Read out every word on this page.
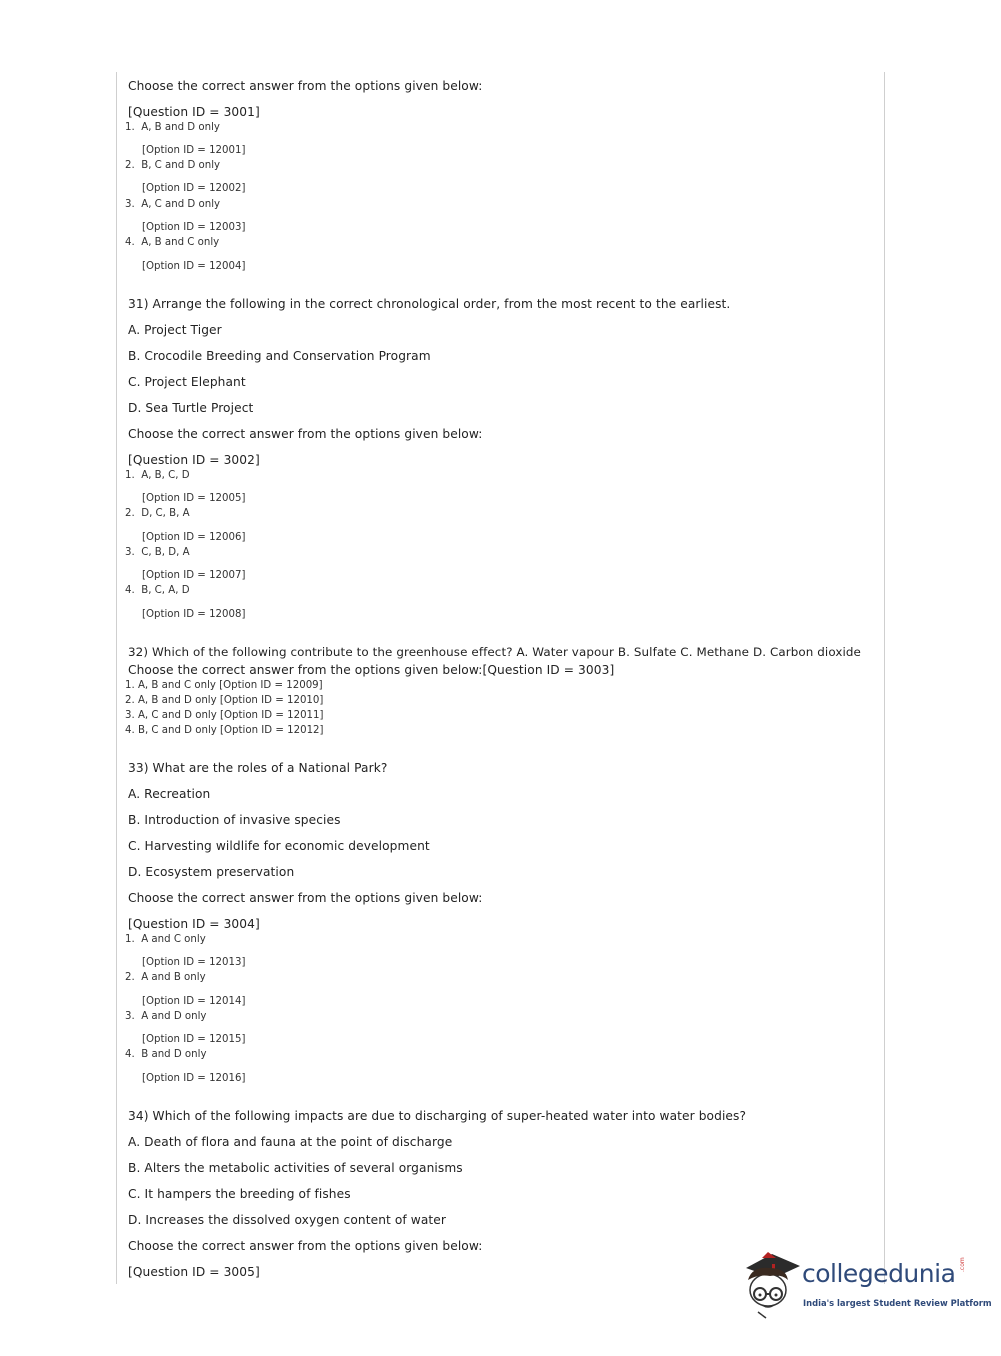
Choose the correct answer from the options given below:
[Question ID = 3001]
1. A, B and D only
[Option ID = 12001]
2. B, C and D only
[Option ID = 12002]
3. A, C and D only
[Option ID = 12003]
4. A, B and C only
[Option ID = 12004]
31) Arrange the following in the correct chronological order, from the most recent to the earliest.
A. Project Tiger
B. Crocodile Breeding and Conservation Program
C. Project Elephant
D. Sea Turtle Project
Choose the correct answer from the options given below:
[Question ID = 3002]
1. A, B, C, D
[Option ID = 12005]
2. D, C, B, A
[Option ID = 12006]
3. C, B, D, A
[Option ID = 12007]
4. B, C, A, D
[Option ID = 12008]
32) Which of the following contribute to the greenhouse effect? A. Water vapour B. Sulfate C. Methane D. Carbon dioxide
Choose the correct answer from the options given below:[Question ID = 3003]
1. A, B and C only [Option ID = 12009]
2. A, B and D only [Option ID = 12010]
3. A, C and D only [Option ID = 12011]
4. B, C and D only [Option ID = 12012]
33) What are the roles of a National Park?
A. Recreation
B. Introduction of invasive species
C. Harvesting wildlife for economic development
D. Ecosystem preservation
Choose the correct answer from the options given below:
[Question ID = 3004]
1. A and C only
[Option ID = 12013]
2. A and B only
[Option ID = 12014]
3. A and D only
[Option ID = 12015]
4. B and D only
[Option ID = 12016]
34) Which of the following impacts are due to discharging of super-heated water into water bodies?
A. Death of flora and fauna at the point of discharge
B. Alters the metabolic activities of several organisms
C. It hampers the breeding of fishes
D. Increases the dissolved oxygen content of water
Choose the correct answer from the options given below:
[Question ID = 3005]	collegedunia .com
India's largest Student Review Platform
